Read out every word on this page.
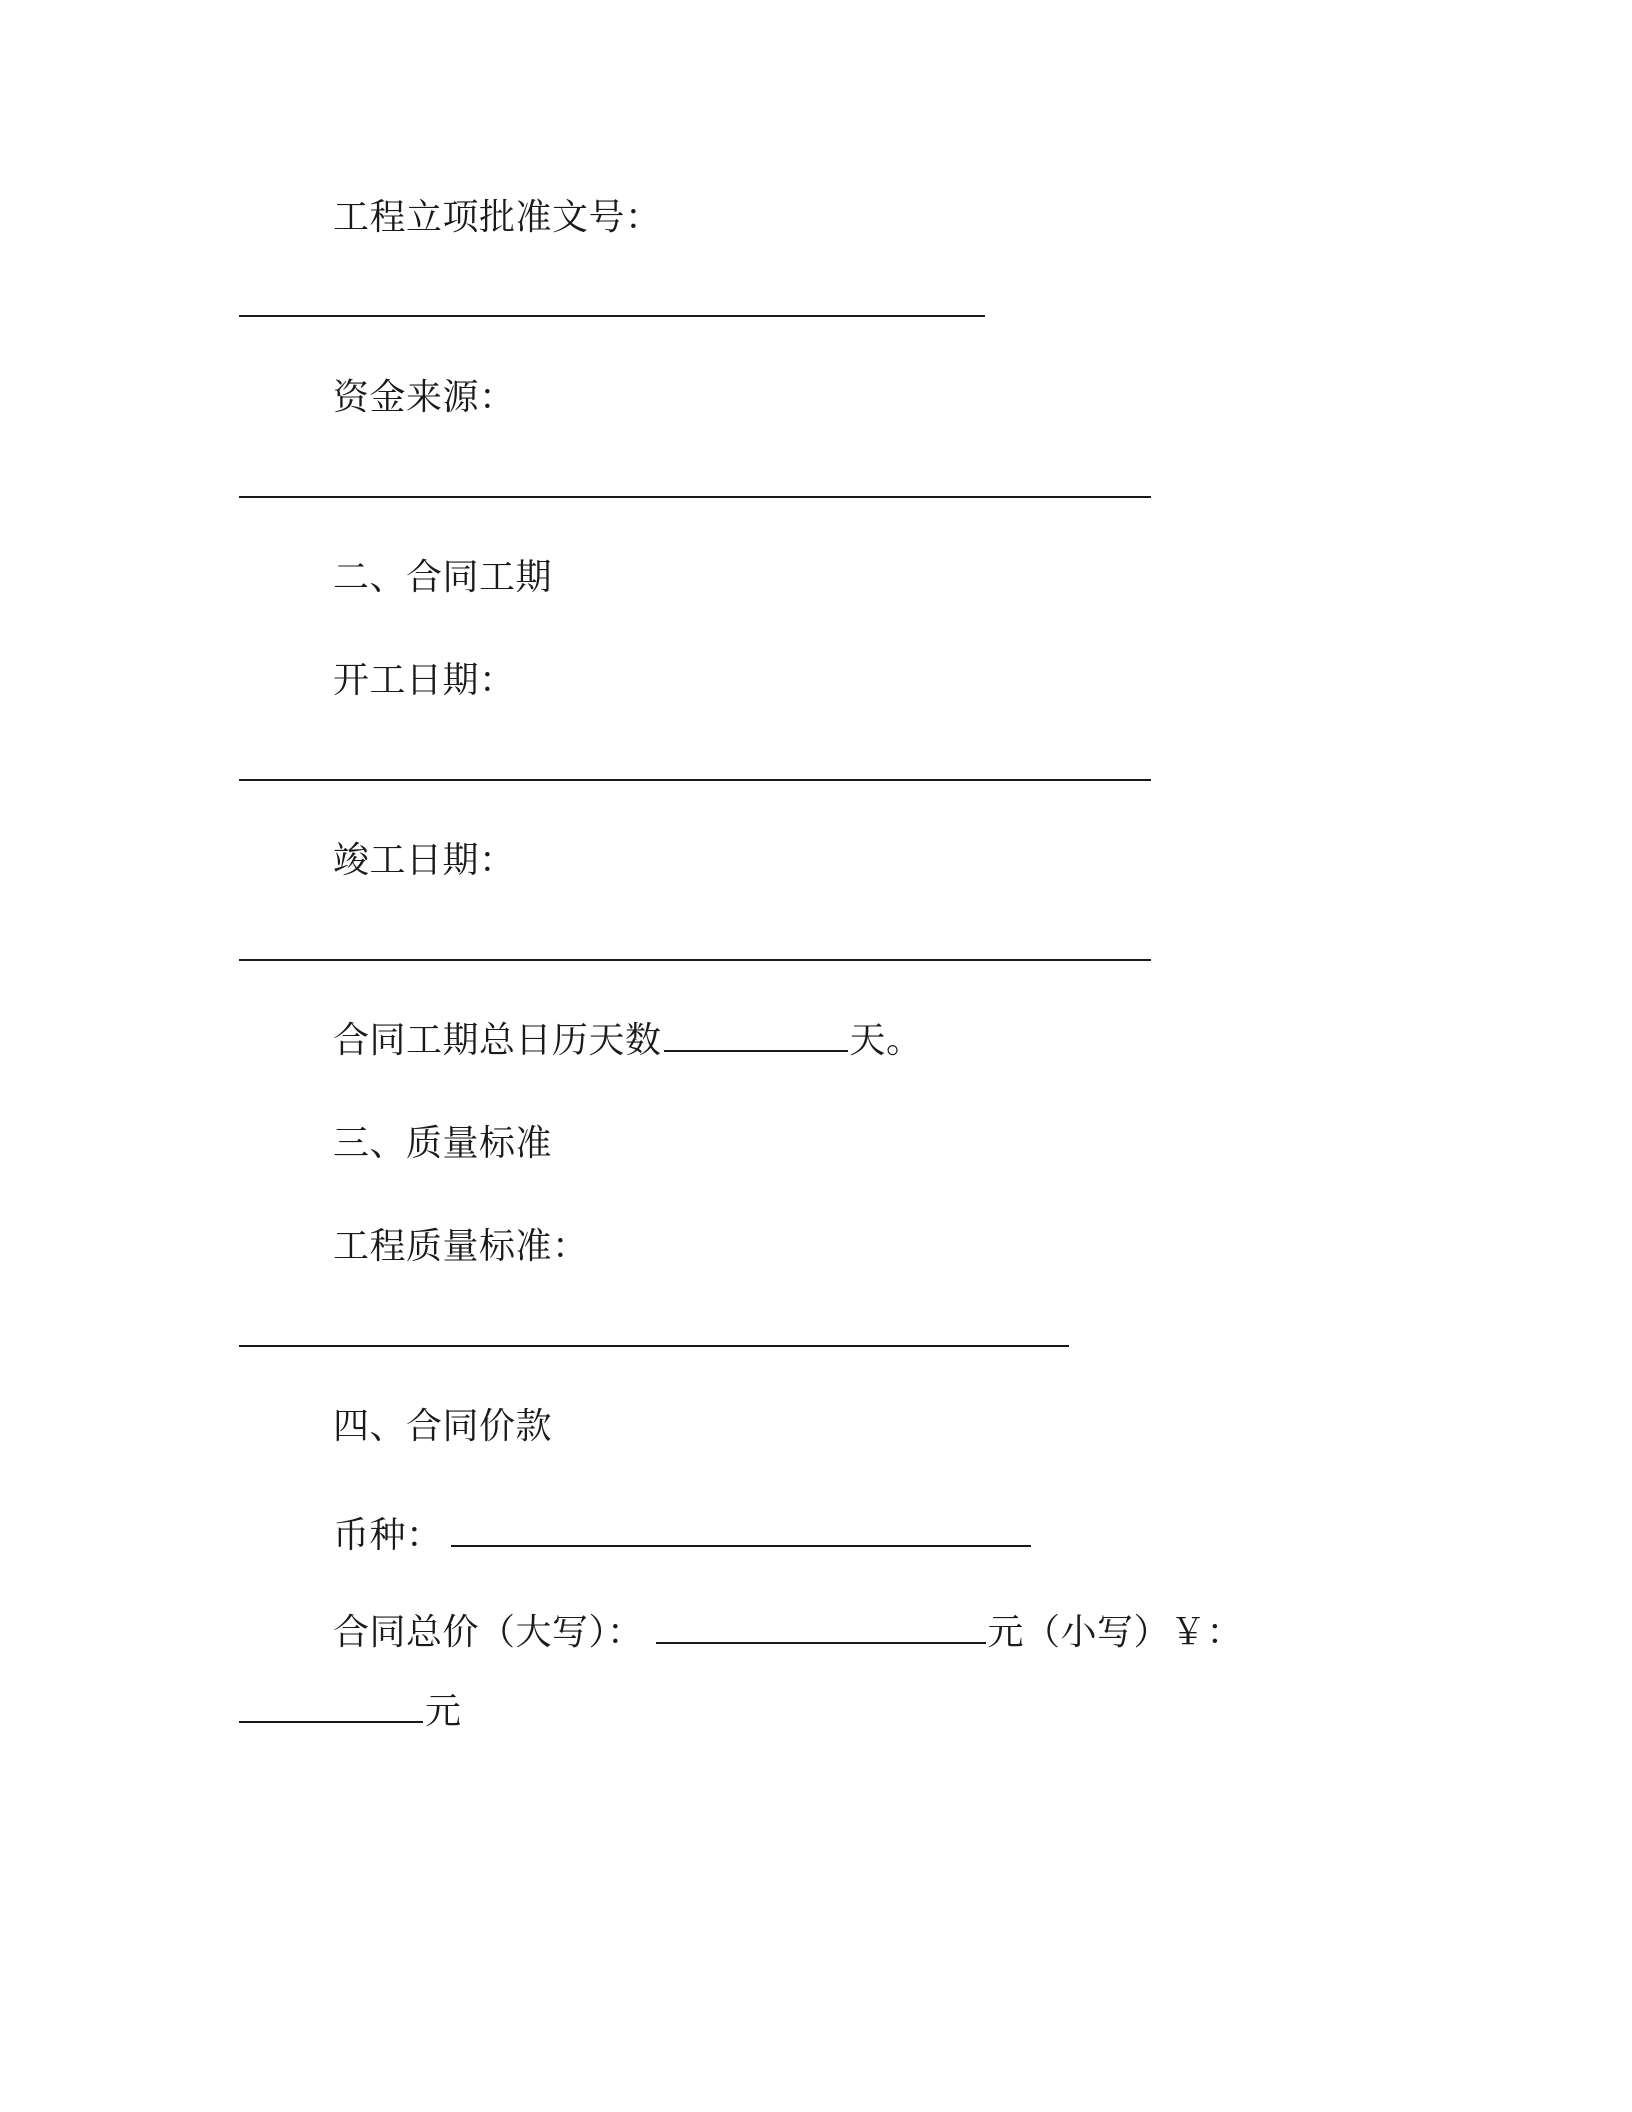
工程立项批准文号：
资金来源：
二、合同工期
开工日期：
竣工日期：
合同工期总日历天数	天。
三、质量标准
工程质量标准：
四、合同价款
币种：
合同总价（大写）：	元（小写）￥：
元
